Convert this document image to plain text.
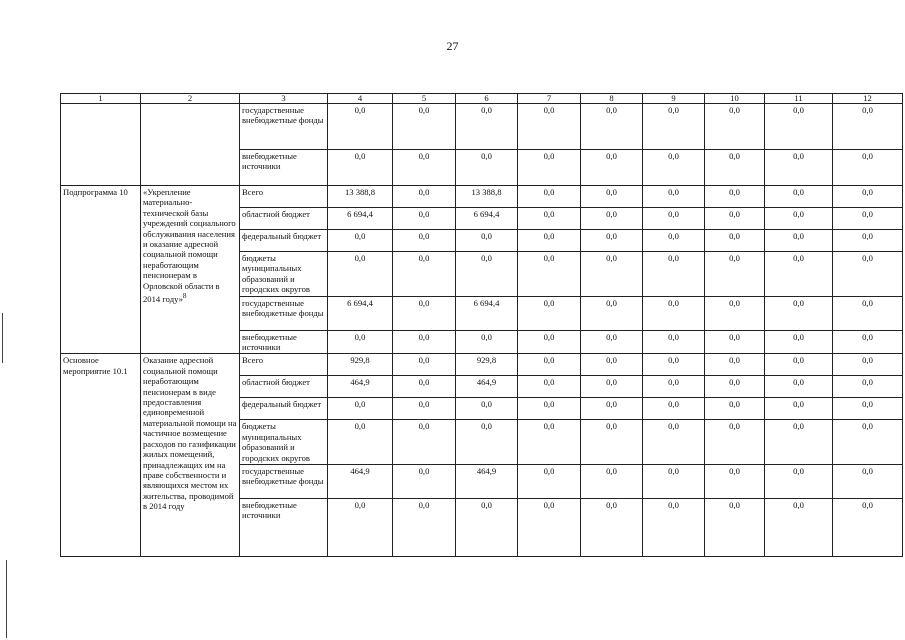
27
1	2	3	4	5	6	7	8	9	10	11	12
		государственные внебюджетные фонды	0,0	0,0	0,0	0,0	0,0	0,0	0,0	0,0	0,0
		внебюджетные источники	0,0	0,0	0,0	0,0	0,0	0,0	0,0	0,0	0,0
Подпрограмма 10	«Укрепление материально-технической базы учреждений социального обслуживания населения и оказание адресной социальной помощи неработающим пенсионерам в Орловской области в 2014 году»$^8$	Всего	13 388,8	0,0	13 388,8	0,0	0,0	0,0	0,0	0,0	0,0
		областной бюджет	6 694,4	0,0	6 694,4	0,0	0,0	0,0	0,0	0,0	0,0
		федеральный бюджет	0,0	0,0	0,0	0,0	0,0	0,0	0,0	0,0	0,0
		бюджеты муниципальных образований и городских округов	0,0	0,0	0,0	0,0	0,0	0,0	0,0	0,0	0,0
		государственные внебюджетные фонды	6 694,4	0,0	6 694,4	0,0	0,0	0,0	0,0	0,0	0,0
		внебюджетные источники	0,0	0,0	0,0	0,0	0,0	0,0	0,0	0,0	0,0
Основное мероприятие 10.1	Оказание адресной социальной помощи неработающим пенсионерам в виде предоставления единовременной материальной помощи на частичное возмещение расходов по газификации жилых помещений, принадлежащих им на праве собственности и являющихся местом их жительства, проводимой в 2014 году	Всего	929,8	0,0	929,8	0,0	0,0	0,0	0,0	0,0	0,0
		областной бюджет	464,9	0,0	464,9	0,0	0,0	0,0	0,0	0,0	0,0
		федеральный бюджет	0,0	0,0	0,0	0,0	0,0	0,0	0,0	0,0	0,0
		бюджеты муниципальных образований и городских округов	0,0	0,0	0,0	0,0	0,0	0,0	0,0	0,0	0,0
		государственные внебюджетные фонды	464,9	0,0	464,9	0,0	0,0	0,0	0,0	0,0	0,0
		внебюджетные источники	0,0	0,0	0,0	0,0	0,0	0,0	0,0	0,0	0,0
